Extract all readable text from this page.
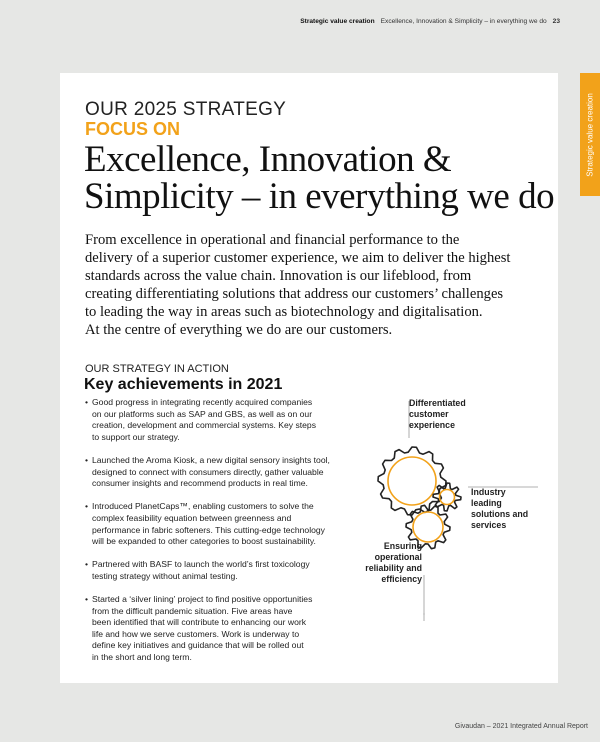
Strategic value creation Excellence, Innovation & Simplicity – in everything we do 23
Strategic value creation
OUR 2025 STRATEGY
FOCUS ON
Excellence, Innovation &
Simplicity – in everything we do
From excellence in operational and financial performance to the
delivery of a superior customer experience, we aim to deliver the highest
standards across the value chain. Innovation is our lifeblood, from
creating differentiating solutions that address our customers’ challenges
to leading the way in areas such as biotechnology and digitalisation.
At the centre of everything we do are our customers.
OUR STRATEGY IN ACTION
Key achievements in 2021
• Good progress in integrating recently acquired companies
on our platforms such as SAP and GBS, as well as on our
creation, development and commercial systems. Key steps
to support our strategy.
• Launched the Aroma Kiosk, a new digital sensory insights tool,
designed to connect with consumers directly, gather valuable
consumer insights and recommend products in real time.
• Introduced PlanetCaps™, enabling customers to solve the
complex feasibility equation between greenness and
performance in fabric softeners. This cutting-edge technology
will be expanded to other categories to boost sustainability.
• Partnered with BASF to launch the world’s first toxicology
testing strategy without animal testing.
• Started a ‘silver lining’ project to find positive opportunities
from the difficult pandemic situation. Five areas have
been identified that will contribute to enhancing our work
life and how we serve customers. Work is underway to
define key initiatives and guidance that will be rolled out
in the short and long term.
Differentiated
customer
experience
Industry
leading
solutions and
services
Ensuring
operational
reliability and
efficiency
Givaudan – 2021 Integrated Annual Report
